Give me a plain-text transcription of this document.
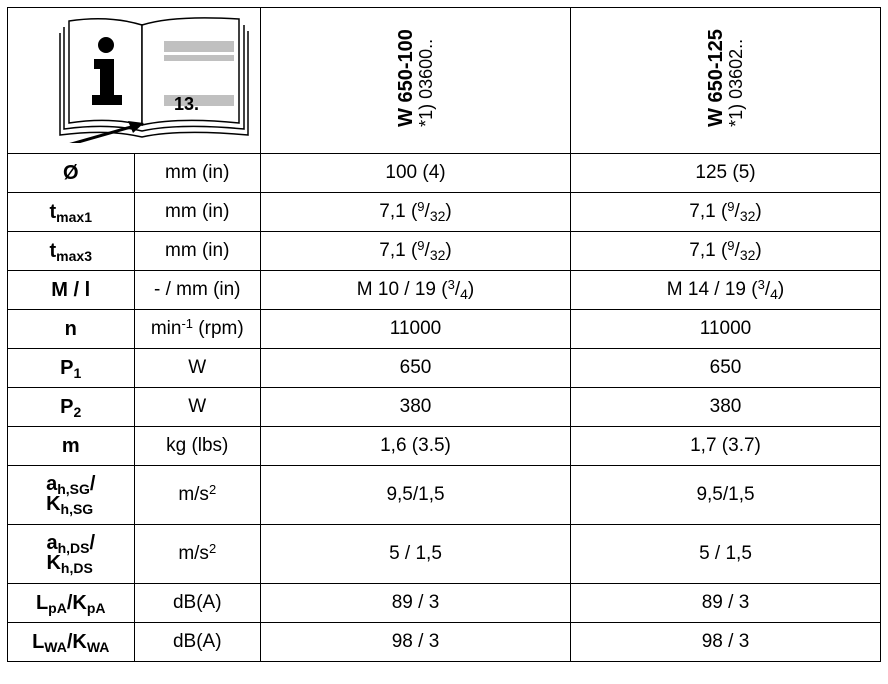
13.		W 650-100 *1) 03600..	W 650-125 *1) 03602..

Ø	mm (in)	100 (4)	125 (5)
$t_{max1}$	mm (in)	7,1 $(^9/_{32})$	7,1 $(^9/_{32})$
$t_{max3}$	mm (in)	7,1 $(^9/_{32})$	7,1 $(^9/_{32})$
M / l	- / mm (in)	M 10 / 19 $(^3/_4)$	M 14 / 19 $(^3/_4)$
n	$\min^{-1} (rpm)$	11000	11000
$P_1$	W	650	650
$P_2$	W	380	380
m	kg (lbs)	1,6 (3.5)	1,7 (3.7)
$a_{h,SG}/$
$K_{h,SG}$	$m/s^2$	9,5/1,5	9,5/1,5
$a_{h,DS}/$
$K_{h,DS}$	$m/s^2$	5 / 1,5	5 / 1,5
$L_{pA}/K_{pA}$	dB(A)	89 / 3	89 / 3
$L_{WA}/K_{WA}$	dB(A)	98 / 3	98 / 3
